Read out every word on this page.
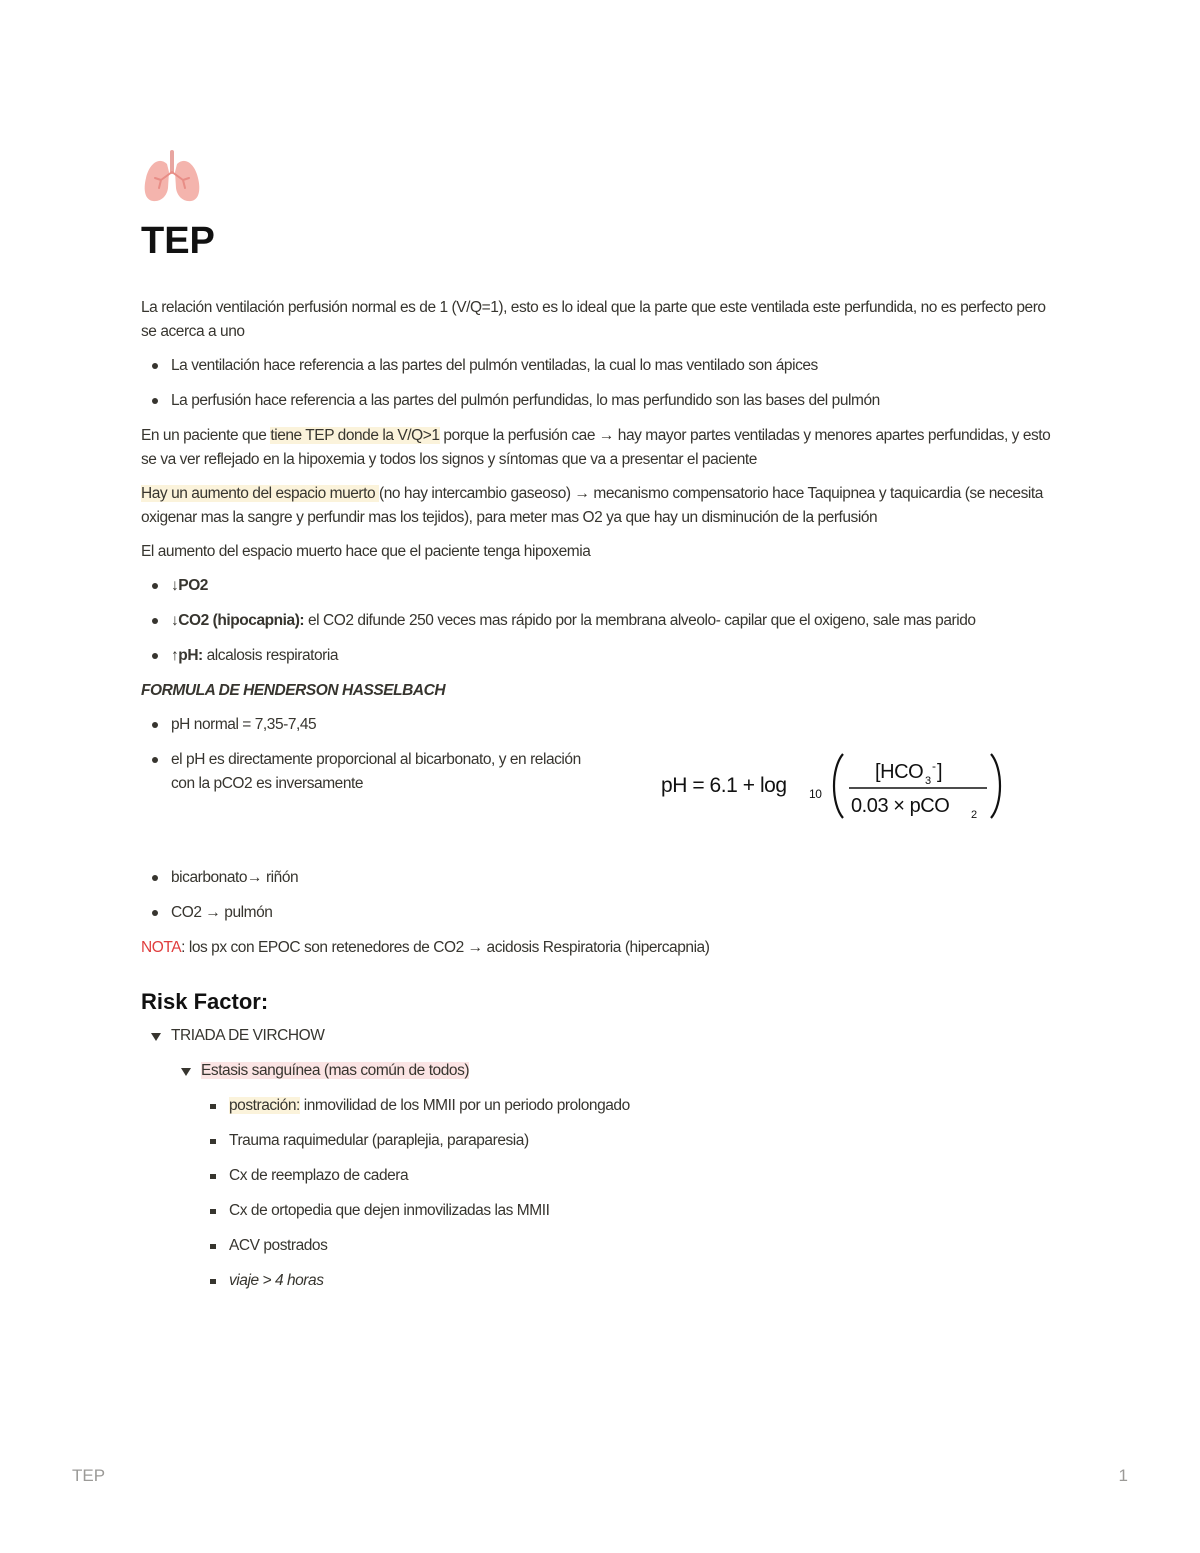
TEP

La relación ventilación perfusión normal es de 1 (V/Q=1), esto es lo ideal que la parte que este ventilada este perfundida, no es perfecto pero se acerca a uno

La ventilación hace referencia a las partes del pulmón ventiladas, la cual lo mas ventilado son ápices
La perfusión hace referencia a las partes del pulmón perfundidas, lo mas perfundido son las bases del pulmón

En un paciente que tiene TEP donde la V/Q>1 porque la perfusión cae → hay mayor partes ventiladas y menores apartes perfundidas, y esto se va ver reflejado en la hipoxemia y todos los signos y síntomas que va a presentar el paciente

Hay un aumento del espacio muerto (no hay intercambio gaseoso) → mecanismo compensatorio hace Taquipnea y taquicardia (se necesita oxigenar mas la sangre y perfundir mas los tejidos), para meter mas O2 ya que hay un disminución de la perfusión

El aumento del espacio muerto hace que el paciente tenga hipoxemia

↓PO2
↓CO2 (hipocapnia): el CO2 difunde 250 veces mas rápido por la membrana alveolo- capilar que el oxigeno, sale mas parido
↑pH: alcalosis respiratoria

FORMULA DE HENDERSON HASSELBACH

pH normal = 7,35-7,45
el pH es directamente proporcional al bicarbonato, y en relación con la pCO2 es inversamente	pH = 6.1 + log 10
[HCO 3
- ]
0.03 × pCO 2
bicarbonato→ riñón
CO2 → pulmón

NOTA: los px con EPOC son retenedores de CO2 → acidosis Respiratoria (hipercapnia)

Risk Factor:
TRIADA DE VIRCHOW
Estasis sanguínea (mas común de todos)
postración: inmovilidad de los MMII por un periodo prolongado
Trauma raquimedular (paraplejia, paraparesia)
Cx de reemplazo de cadera
Cx de ortopedia que dejen inmovilizadas las MMII
ACV postrados
viaje > 4 horas
TEP	1
